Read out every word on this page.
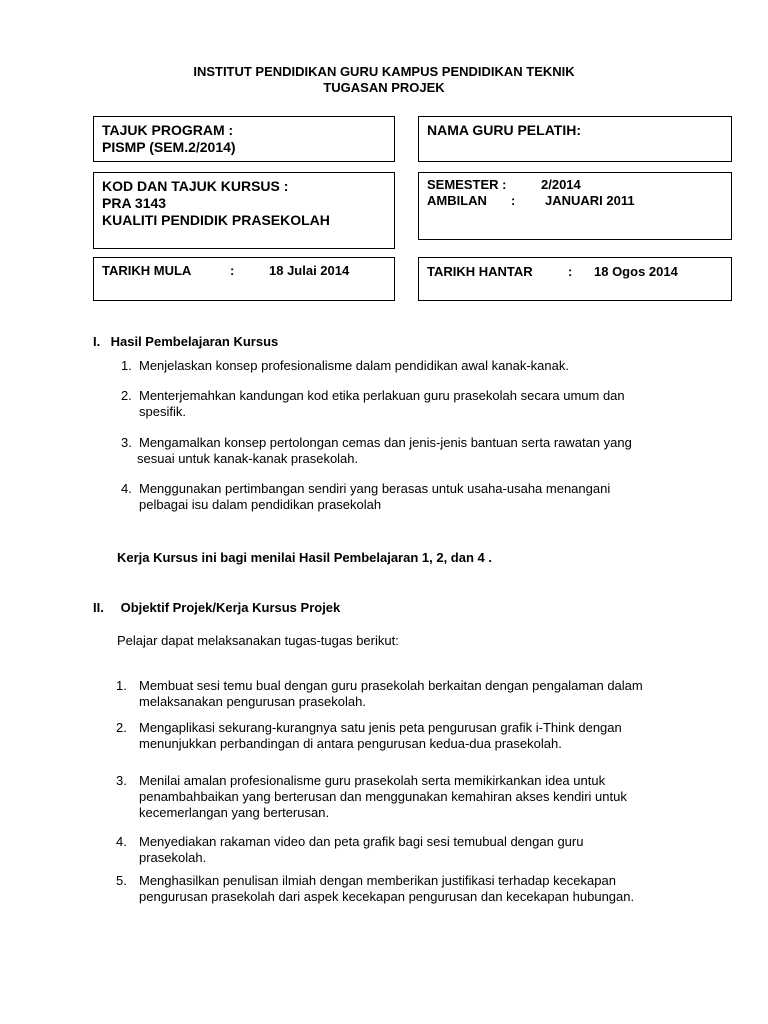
INSTITUT PENDIDIKAN GURU KAMPUS PENDIDIKAN TEKNIK
TUGASAN PROJEK
TAJUK PROGRAM :
PISMP (SEM.2/2014)
NAMA GURU PELATIH:
KOD DAN TAJUK KURSUS :
PRA 3143
KUALITI PENDIDIK PRASEKOLAH
SEMESTER :	2/2014
AMBILAN : JANUARI 2011
TARIKH MULA	:	18 Julai 2014	TARIKH HANTAR	: 18 Ogos 2014
I. Hasil Pembelajaran Kursus
1. Menjelaskan konsep profesionalisme dalam pendidikan awal kanak-kanak.
2. Menterjemahkan kandungan kod etika perlakuan guru prasekolah secara umum dan
spesifik.
3. Mengamalkan konsep pertolongan cemas dan jenis-jenis bantuan serta rawatan yang
sesuai untuk kanak-kanak prasekolah.
4. Menggunakan pertimbangan sendiri yang berasas untuk usaha-usaha menangani
pelbagai isu dalam pendidikan prasekolah
Kerja Kursus ini bagi menilai Hasil Pembelajaran 1, 2, dan 4 .
II. Objektif Projek/Kerja Kursus Projek
Pelajar dapat melaksanakan tugas-tugas berikut:
1. Membuat sesi temu bual dengan guru prasekolah berkaitan dengan pengalaman dalam
melaksanakan pengurusan prasekolah.
2. Mengaplikasi sekurang-kurangnya satu jenis peta pengurusan grafik i-Think dengan
menunjukkan perbandingan di antara pengurusan kedua-dua prasekolah.
3. Menilai amalan profesionalisme guru prasekolah serta memikirkankan idea untuk
penambahbaikan yang berterusan dan menggunakan kemahiran akses kendiri untuk
kecemerlangan yang berterusan.
4. Menyediakan rakaman video dan peta grafik bagi sesi temubual dengan guru
prasekolah.
5. Menghasilkan penulisan ilmiah dengan memberikan justifikasi terhadap kecekapan
pengurusan prasekolah dari aspek kecekapan pengurusan dan kecekapan hubungan.
